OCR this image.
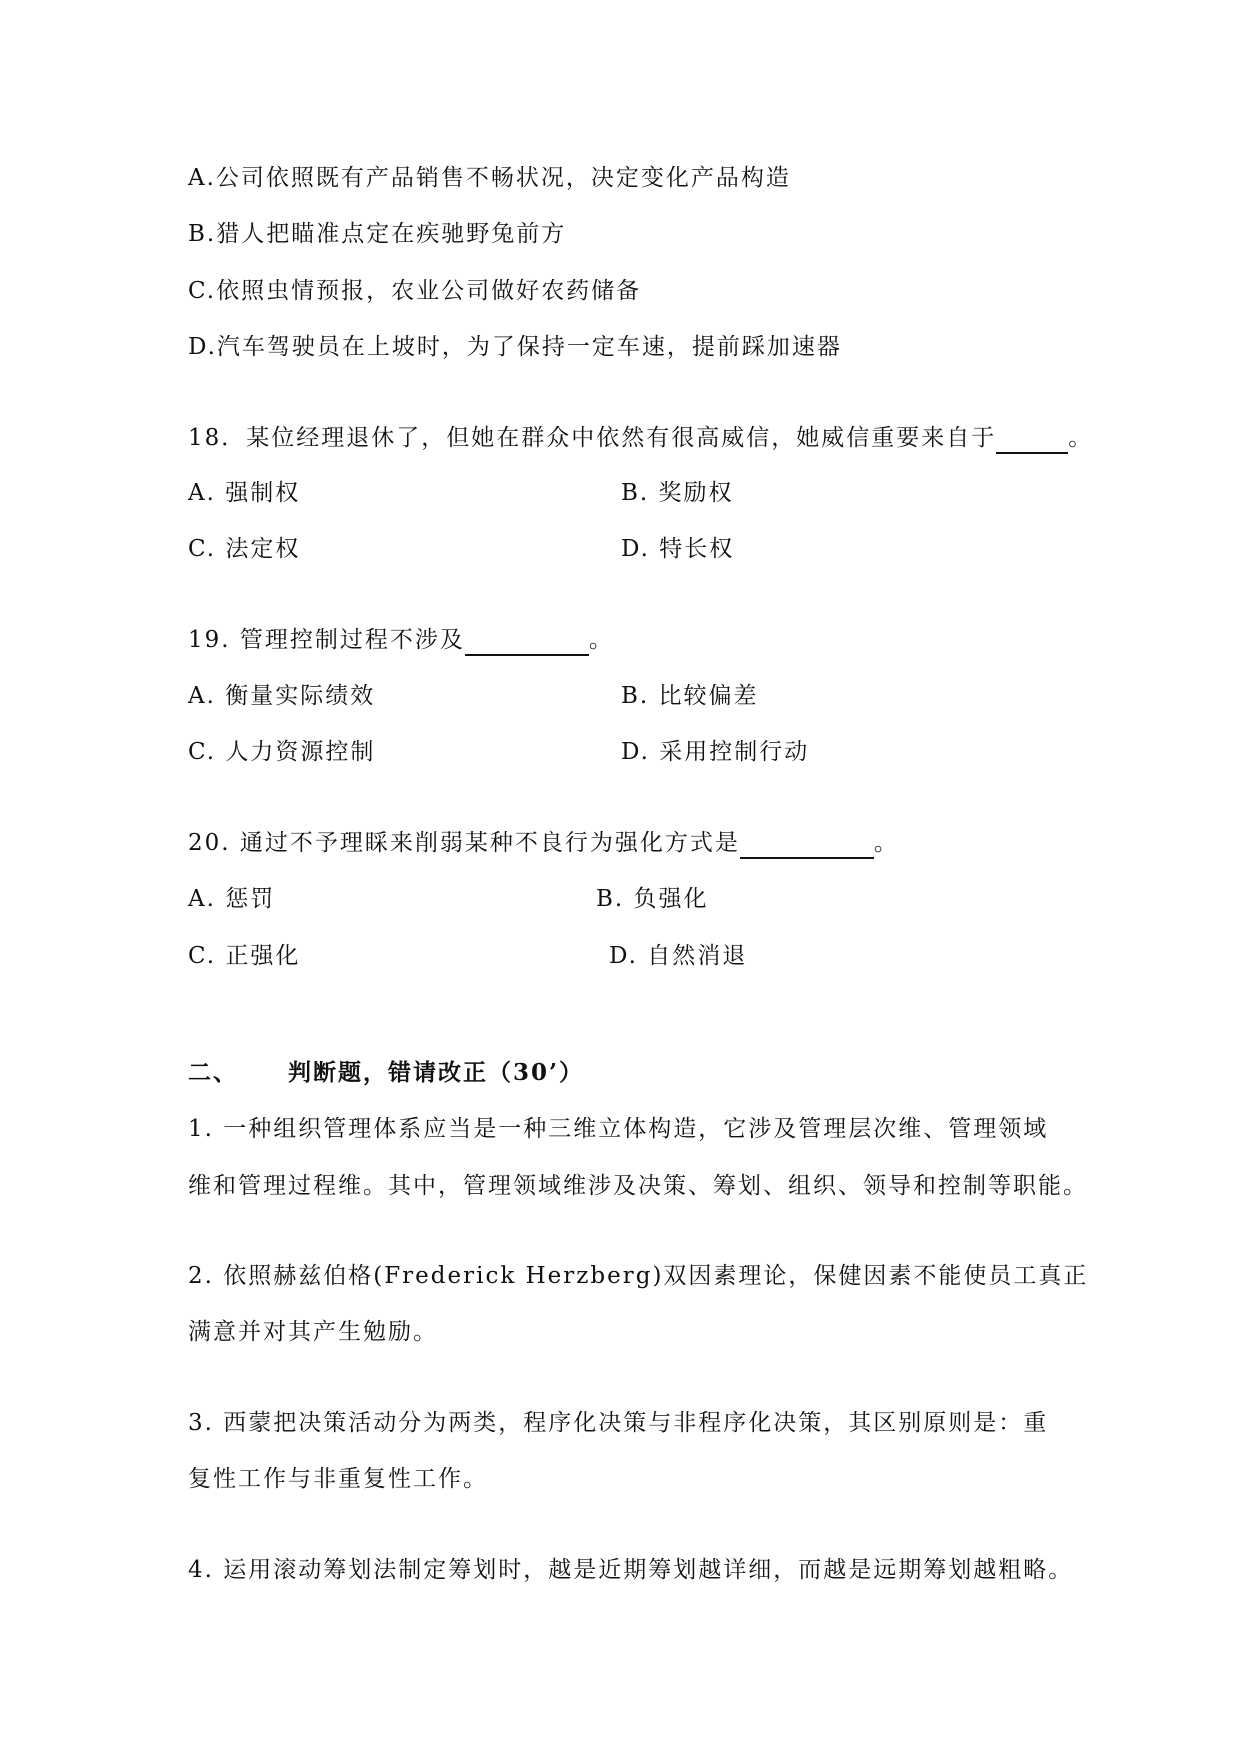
A.公司依照既有产品销售不畅状况，决定变化产品构造
B.猎人把瞄准点定在疾驰野兔前方
C.依照虫情预报，农业公司做好农药储备
D.汽车驾驶员在上坡时，为了保持一定车速，提前踩加速器
18．某位经理退休了，但她在群众中依然有很高威信，她威信重要来自于	。
A. 强制权	B. 奖励权
C. 法定权	D. 特长权
19. 管理控制过程不涉及	。
A. 衡量实际绩效	B. 比较偏差
C. 人力资源控制	D. 采用控制行动
20. 通过不予理睬来削弱某种不良行为强化方式是	。
A. 惩罚	B. 负强化
C. 正强化	D. 自然消退
二、 判断题，错请改正（30’）
1. 一种组织管理体系应当是一种三维立体构造，它涉及管理层次维、管理领域
维和管理过程维。其中，管理领域维涉及决策、筹划、组织、领导和控制等职能。
2. 依照赫兹伯格(Frederick Herzberg)双因素理论，保健因素不能使员工真正
满意并对其产生勉励。
3. 西蒙把决策活动分为两类，程序化决策与非程序化决策，其区别原则是：重
复性工作与非重复性工作。
4. 运用滚动筹划法制定筹划时，越是近期筹划越详细，而越是远期筹划越粗略。
